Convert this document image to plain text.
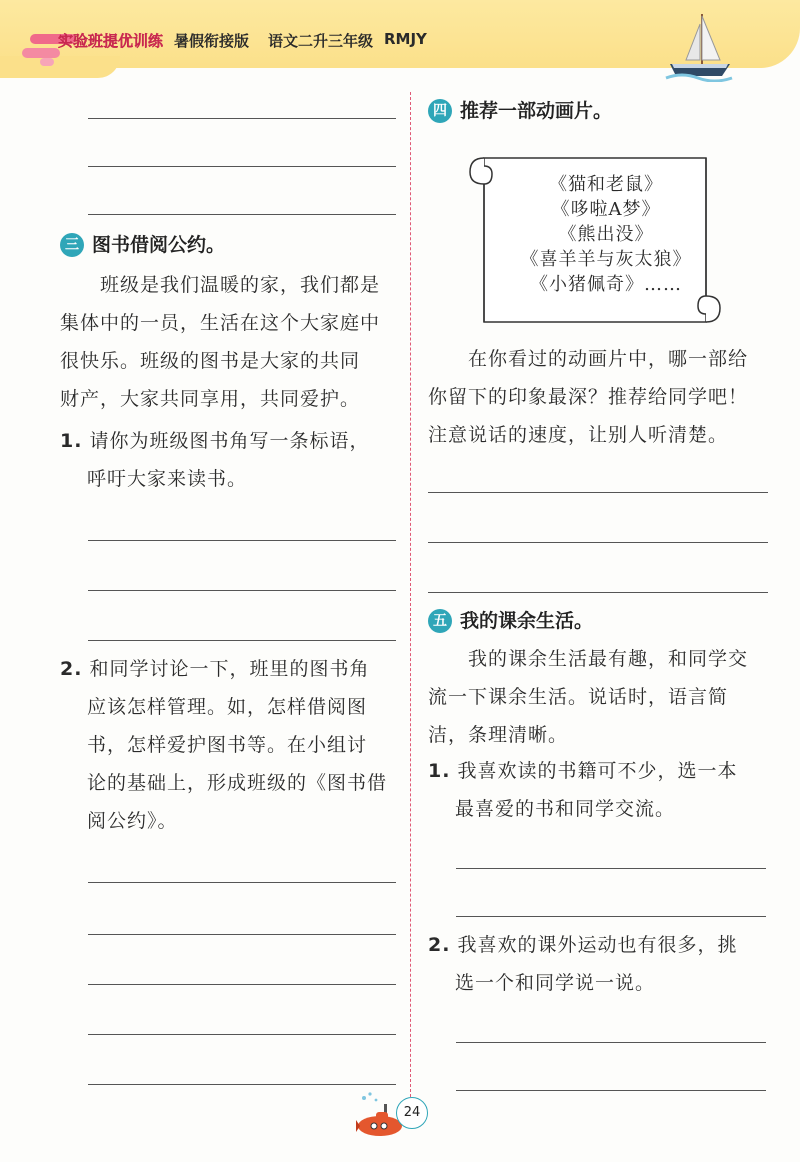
实验班提优训练 暑假衔接版 语文二升三年级 RMJY
三 图书借阅公约。
　　班级是我们温暖的家，我们都是
集体中的一员，生活在这个大家庭中
很快乐。班级的图书是大家的共同
财产，大家共同享用，共同爱护。
1. 请你为班级图书角写一条标语，
呼吁大家来读书。
2. 和同学讨论一下，班里的图书角
应该怎样管理。如，怎样借阅图
书，怎样爱护图书等。在小组讨
论的基础上，形成班级的《图书借
阅公约》。
四 推荐一部动画片。
《猫和老鼠》
《哆啦A梦》
《熊出没》
《喜羊羊与灰太狼》
《小猪佩奇》……
　　在你看过的动画片中，哪一部给
你留下的印象最深？推荐给同学吧！
注意说话的速度，让别人听清楚。
五 我的课余生活。
　　我的课余生活最有趣，和同学交
流一下课余生活。说话时，语言简
洁，条理清晰。
1. 我喜欢读的书籍可不少，选一本
最喜爱的书和同学交流。
2. 我喜欢的课外运动也有很多，挑
选一个和同学说一说。
24
